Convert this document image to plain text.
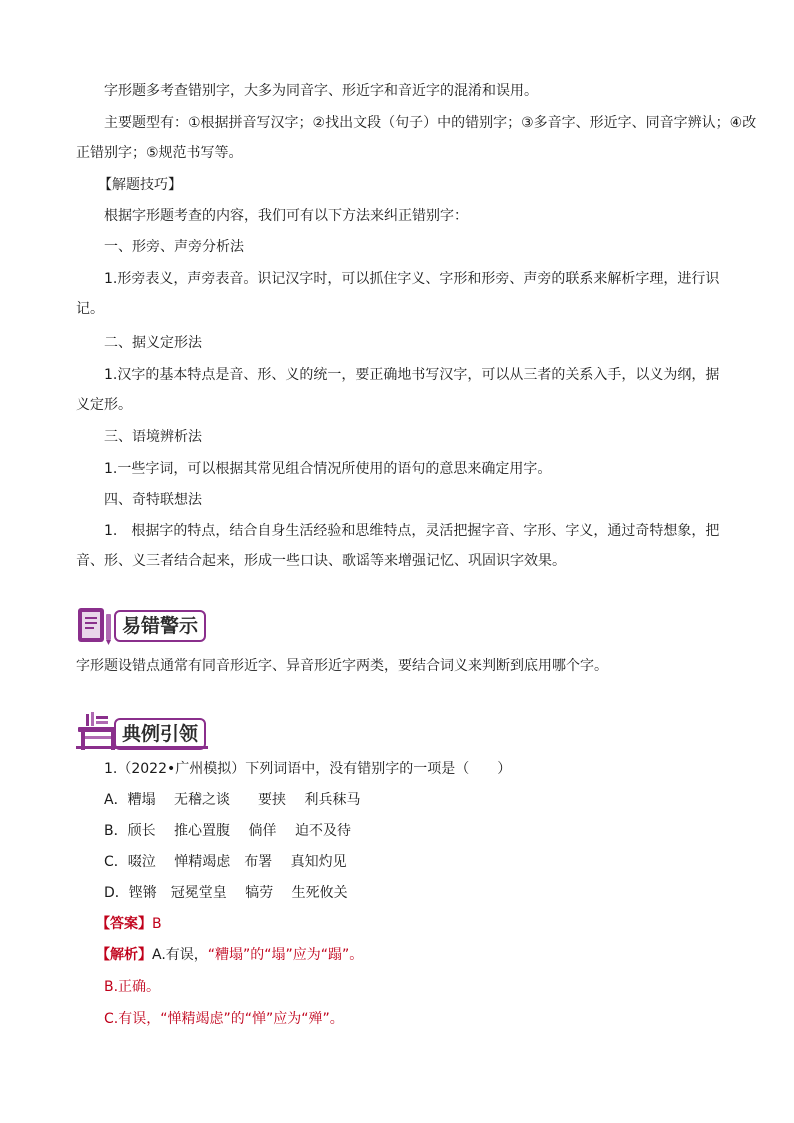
字形题多考查错别字，大多为同音字、形近字和音近字的混淆和误用。
主要题型有：①根据拼音写汉字；②找出文段（句子）中的错别字；③多音字、形近字、同音字辨认；④改
正错别字；⑤规范书写等。
【解题技巧】
根据字形题考查的内容，我们可有以下方法来纠正错别字：
一、形旁、声旁分析法
1.形旁表义，声旁表音。识记汉字时，可以抓住字义、字形和形旁、声旁的联系来解析字理，进行识
记。
二、据义定形法
1.汉字的基本特点是音、形、义的统一，要正确地书写汉字，可以从三者的关系入手，以义为纲，据
义定形。
三、语境辨析法
1.一些字词，可以根据其常见组合情况所使用的语句的意思来确定用字。
四、奇特联想法
1.　根据字的特点，结合自身生活经验和思维特点，灵活把握字音、字形、字义，通过奇特想象，把
音、形、义三者结合起来，形成一些口诀、歌谣等来增强记忆、巩固识字效果。
易错警示
字形题设错点通常有同音形近字、异音形近字两类，要结合词义来判断到底用哪个字。
典例引领
1.（2022•广州模拟）下列词语中，没有错别字的一项是（　　）
A．糟塌　 无稽之谈　　要挟　 利兵秣马
B．颀长　 推心置腹　 倘佯　 迫不及待
C．啜泣　 惮精竭虑　布署　 真知灼见
D．铿锵　冠冕堂皇　 犒劳　 生死攸关
【答案】B
【解析】A.有误，“糟塌”的“塌”应为“蹋”。
B.正确。
C.有误，“惮精竭虑”的“惮”应为“殚”。
